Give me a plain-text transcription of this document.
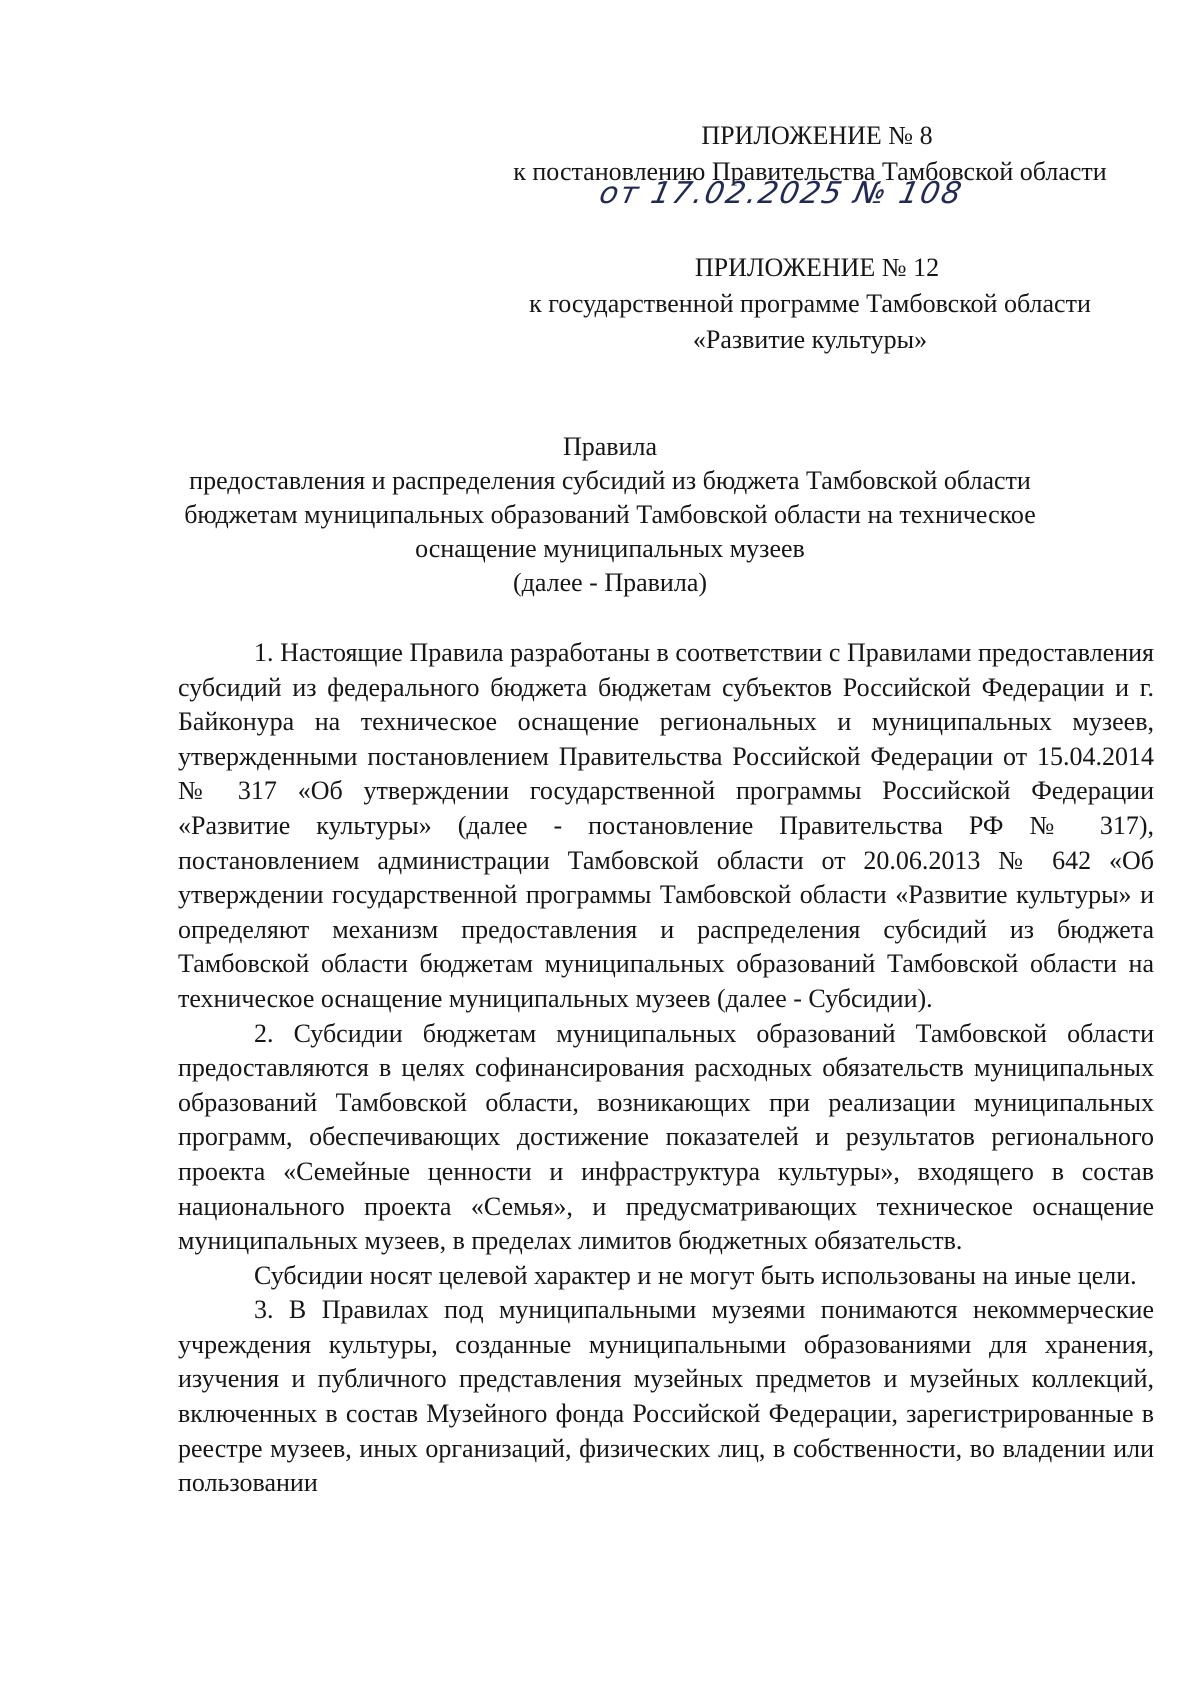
ПРИЛОЖЕНИЕ № 8
к постановлению Правительства Тамбовской области
от 17.02.2025 № 108
ПРИЛОЖЕНИЕ № 12
к государственной программе Тамбовской области
«Развитие культуры»
Правила
предоставления и распределения субсидий из бюджета Тамбовской области
бюджетам муниципальных образований Тамбовской области на техническое
оснащение муниципальных музеев
(далее - Правила)

1. Настоящие Правила разработаны в соответствии с Правилами предоставления субсидий из федерального бюджета бюджетам субъектов Российской Федерации и г. Байконура на техническое оснащение региональных и муниципальных музеев, утвержденными постановлением Правительства Российской Федерации от 15.04.2014 № 317 «Об утверждении государственной программы Российской Федерации «Развитие культуры» (далее - постановление Правительства РФ № 317), постановлением администрации Тамбовской области от 20.06.2013 № 642 «Об утверждении государственной программы Тамбовской области «Развитие культуры» и определяют механизм предоставления и распределения субсидий из бюджета Тамбовской области бюджетам муниципальных образований Тамбовской области на техническое оснащение муниципальных музеев (далее - Субсидии).

2. Субсидии бюджетам муниципальных образований Тамбовской области предоставляются в целях софинансирования расходных обязательств муниципальных образований Тамбовской области, возникающих при реализации муниципальных программ, обеспечивающих достижение показателей и результатов регионального проекта «Семейные ценности и инфраструктура культуры», входящего в состав национального проекта «Семья», и предусматривающих техническое оснащение муниципальных музеев, в пределах лимитов бюджетных обязательств.

Субсидии носят целевой характер и не могут быть использованы на иные цели.

3. В Правилах под муниципальными музеями понимаются некоммерческие учреждения культуры, созданные муниципальными образованиями для хранения, изучения и публичного представления музейных предметов и музейных коллекций, включенных в состав Музейного фонда Российской Федерации, зарегистрированные в реестре музеев, иных организаций, физических лиц, в собственности, во владении или пользовании
